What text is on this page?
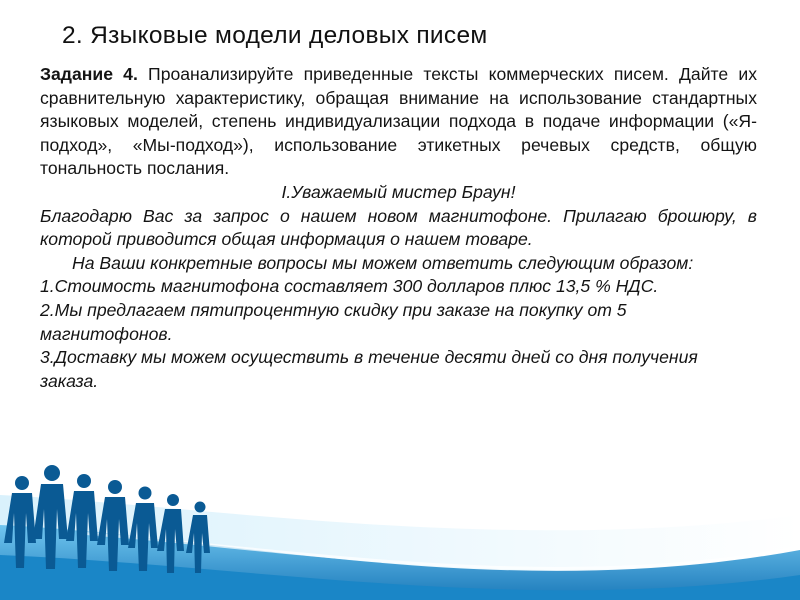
2. Языковые модели деловых писем

Задание 4. Проанализируйте приведенные тексты коммерческих писем. Дайте их сравнительную характеристику, обращая внимание на использование стандартных языковых моделей, степень индивидуализации подхода в подаче информации («Я-подход», «Мы-подход»), использование этикетных речевых средств, общую тональность послания.

I.Уважаемый мистер Браун!

Благодарю Вас за запрос о нашем новом магнитофоне. Прилагаю брошюру, в которой приводится общая информация о нашем товаре.

На Ваши конкретные вопросы мы можем ответить следующим образом:

1.Стоимость магнитофона составляет 300 долларов плюс 13,5 % НДС.

2.Мы предлагаем пятипроцентную скидку при заказе на покупку от 5 магнитофонов.

3.Доставку мы можем осуществить в течение десяти дней со дня получения заказа.
